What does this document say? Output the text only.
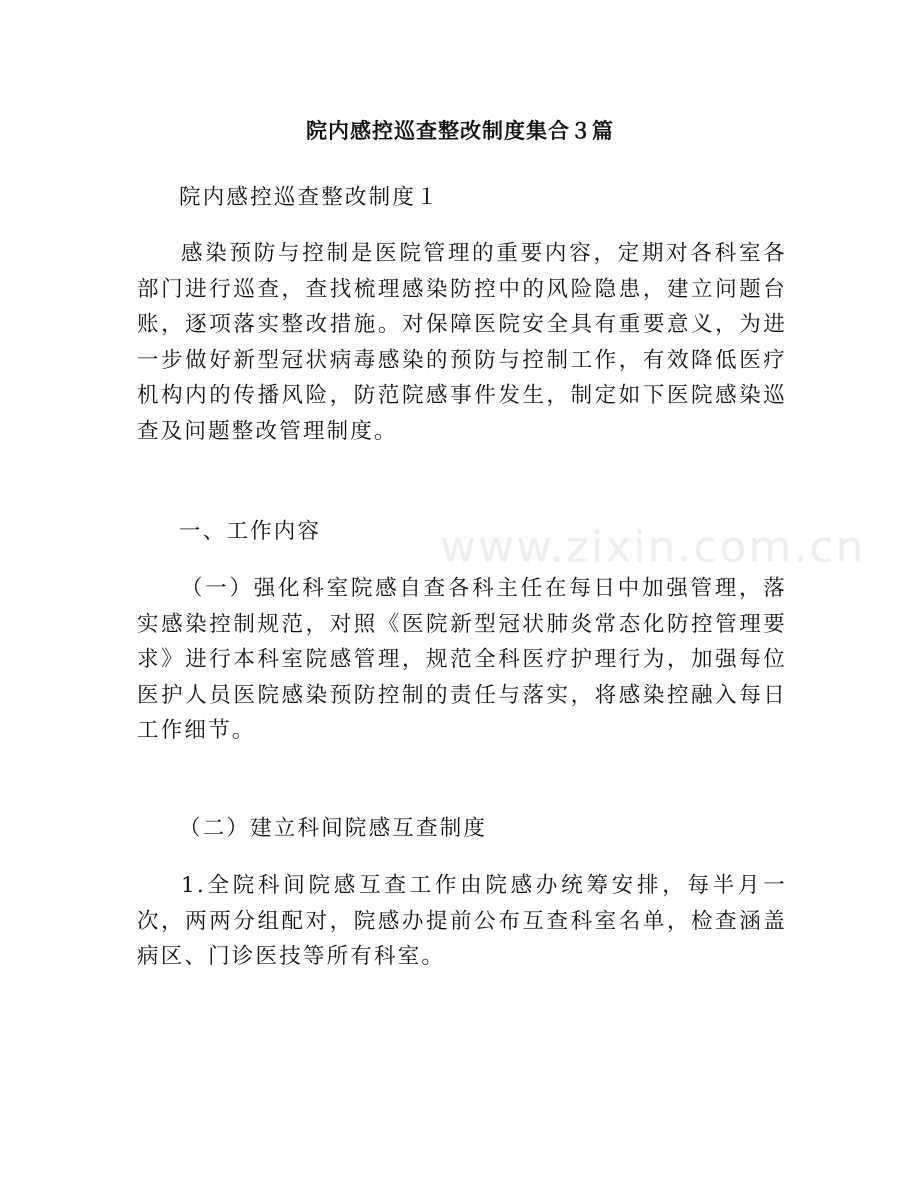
www.zixin.com.cn
院内感控巡查整改制度集合３篇

院内感控巡查整改制度１

感染预防与控制是医院管理的重要内容，定期对各科室各部门进行巡查，查找梳理感染防控中的风险隐患，建立问题台账，逐项落实整改措施。对保障医院安全具有重要意义，为进一步做好新型冠状病毒感染的预防与控制工作，有效降低医疗机构内的传播风险，防范院感事件发生，制定如下医院感染巡查及问题整改管理制度。

一、工作内容

（一）强化科室院感自查各科主任在每日中加强管理，落实感染控制规范，对照《医院新型冠状肺炎常态化防控管理要求》进行本科室院感管理，规范全科医疗护理行为，加强每位医护人员医院感染预防控制的责任与落实，将感染控融入每日工作细节。

（二）建立科间院感互查制度

1.全院科间院感互查工作由院感办统筹安排，每半月一次，两两分组配对，院感办提前公布互查科室名单，检查涵盖病区、门诊医技等所有科室。
